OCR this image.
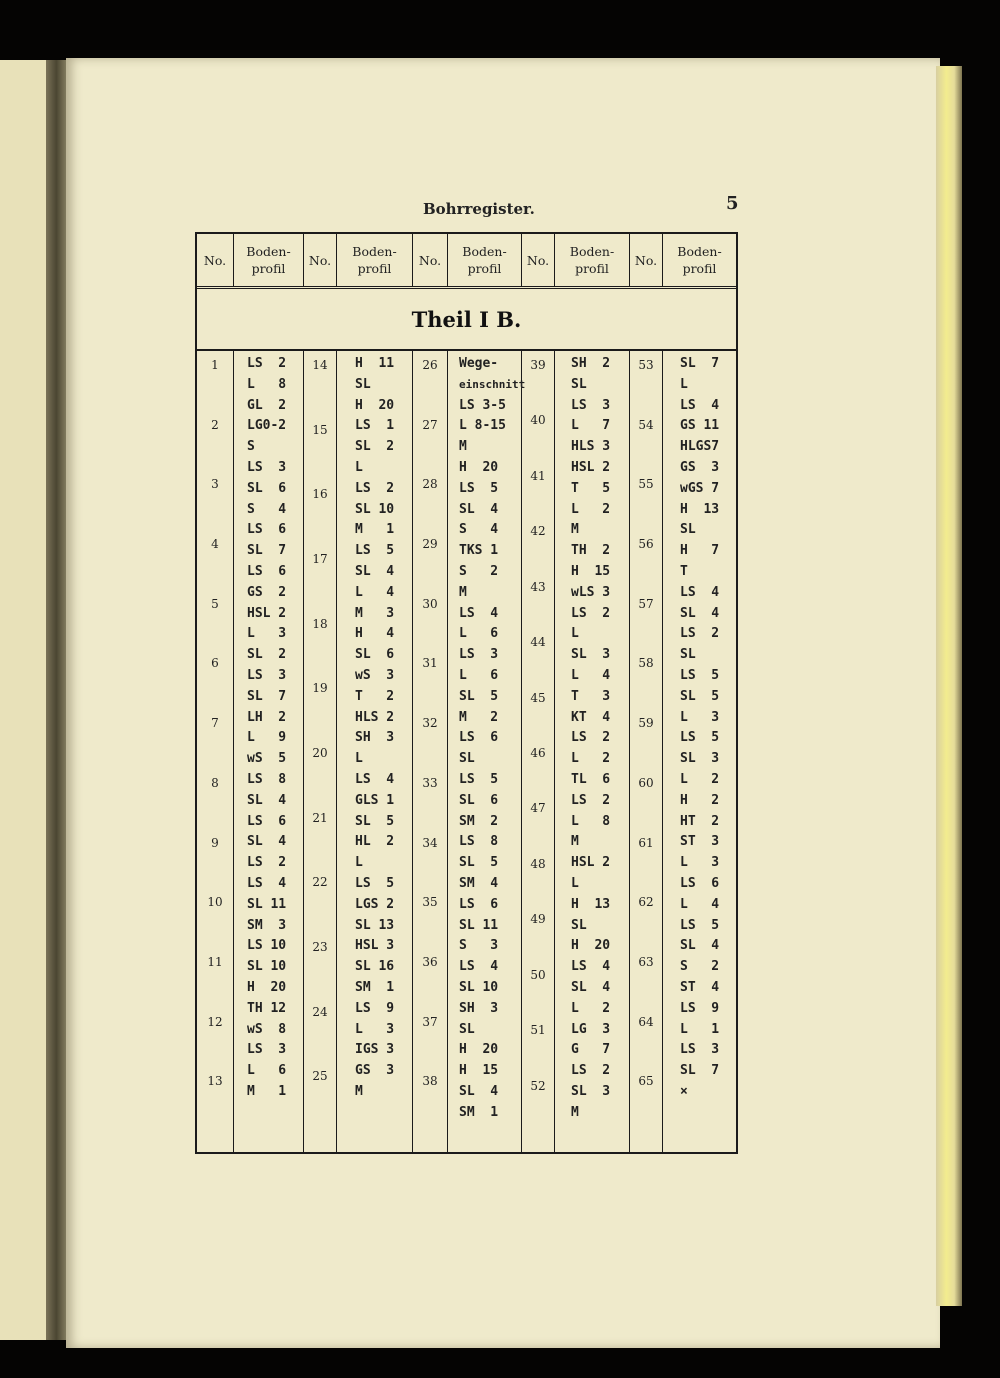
Bohrregister.	5
No.
Boden-
profil
No.
Boden-
profil
No.
Boden-
profil
No.
Boden-
profil
No.
Boden-
profil
Theil I B.
1
2
3
4
5
6
7
8
9
10
11
12
13
LS  2
L   8
GL  2
LG0-2
S
LS  3
SL  6
S   4
LS  6
SL  7
LS  6
GS  2
HSL 2
L   3
SL  2
LS  3
SL  7
LH  2
L   9
wS  5
LS  8
SL  4
LS  6
SL  4
LS  2
LS  4
SL 11
SM  3
LS 10
SL 10
H  20
TH 12
wS  8
LS  3
L   6
M   1
14
15
16
17
18
19
20
21
22
23
24
25
H  11
SL
H  20
LS  1
SL  2
L
LS  2
SL 10
M   1
LS  5
SL  4
L   4
M   3
H   4
SL  6
wS  3
T   2
HLS 2
SH  3
L
LS  4
GLS 1
SL  5
HL  2
L
LS  5
LGS 2
SL 13
HSL 3
SL 16
SM  1
LS  9
L   3
IGS 3
GS  3
M
26
27
28
29
30
31
32
33
34
35
36
37
38
Wege-
einschnitt
LS 3-5
L 8-15
M
H  20
LS  5
SL  4
S   4
TKS 1
S   2
M
LS  4
L   6
LS  3
L   6
SL  5
M   2
LS  6
SL
LS  5
SL  6
SM  2
LS  8
SL  5
SM  4
LS  6
SL 11
S   3
LS  4
SL 10
SH  3
SL
H  20
H  15
SL  4
SM  1
39
40
41
42
43
44
45
46
47
48
49
50
51
52
SH  2
SL
LS  3
L   7
HLS 3
HSL 2
T   5
L   2
M
TH  2
H  15
wLS 3
LS  2
L
SL  3
L   4
T   3
KT  4
LS  2
L   2
TL  6
LS  2
L   8
M
HSL 2
L
H  13
SL
H  20
LS  4
SL  4
L   2
LG  3
G   7
LS  2
SL  3
M
53
54
55
56
57
58
59
60
61
62
63
64
65
SL  7
L
LS  4
GS 11
HLGS7
GS  3
wGS 7
H  13
SL
H   7
T
LS  4
SL  4
LS  2
SL
LS  5
SL  5
L   3
LS  5
SL  3
L   2
H   2
HT  2
ST  3
L   3
LS  6
L   4
LS  5
SL  4
S   2
ST  4
LS  9
L   1
LS  3
SL  7
×
